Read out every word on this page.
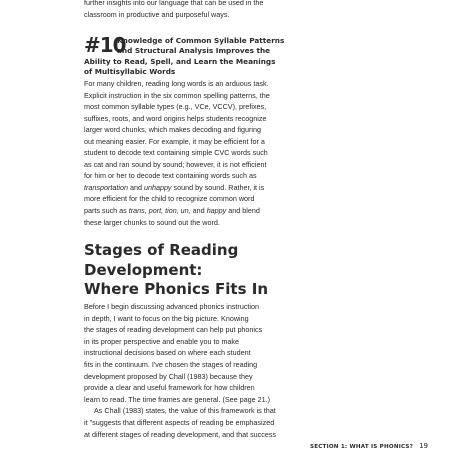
further insights into our language that can be used in the
classroom in productive and purposeful ways.
#10
Knowledge of Common Syllable Patterns
and Structural Analysis Improves the
Ability to Read, Spell, and Learn the Meanings
of Multisyllabic Words
For many children, reading long words is an arduous task.
Explicit instruction in the six common spelling patterns, the
most common syllable types (e.g., VCe, VCCV), prefixes,
suffixes, roots, and word origins helps students recognize
larger word chunks, which makes decoding and figuring
out meaning easier. For example, it may be efficient for a
student to decode text containing simple CVC words such
as cat and ran sound by sound; however, it is not efficient
for him or her to decode text containing words such as
transportation and unhappy sound by sound. Rather, it is
more efficient for the child to recognize common word
parts such as trans, port, tion, un, and happy and blend
these larger chunks to sound out the word.
Stages of Reading
Development:
Where Phonics Fits In
Before I begin discussing advanced phonics instruction
in depth, I want to focus on the big picture. Knowing
the stages of reading development can help put phonics
in its proper perspective and enable you to make
instructional decisions based on where each student
fits in the continuum. I've chosen the stages of reading
development proposed by Chall (1983) because they
provide a clear and useful framework for how children
learn to read. The time frames are general. (See page 21.)
As Chall (1983) states, the value of this framework is that
it "suggests that different aspects of reading be emphasized
at different stages of reading development, and that success
SECTION 1: WHAT IS PHONICS? 19
